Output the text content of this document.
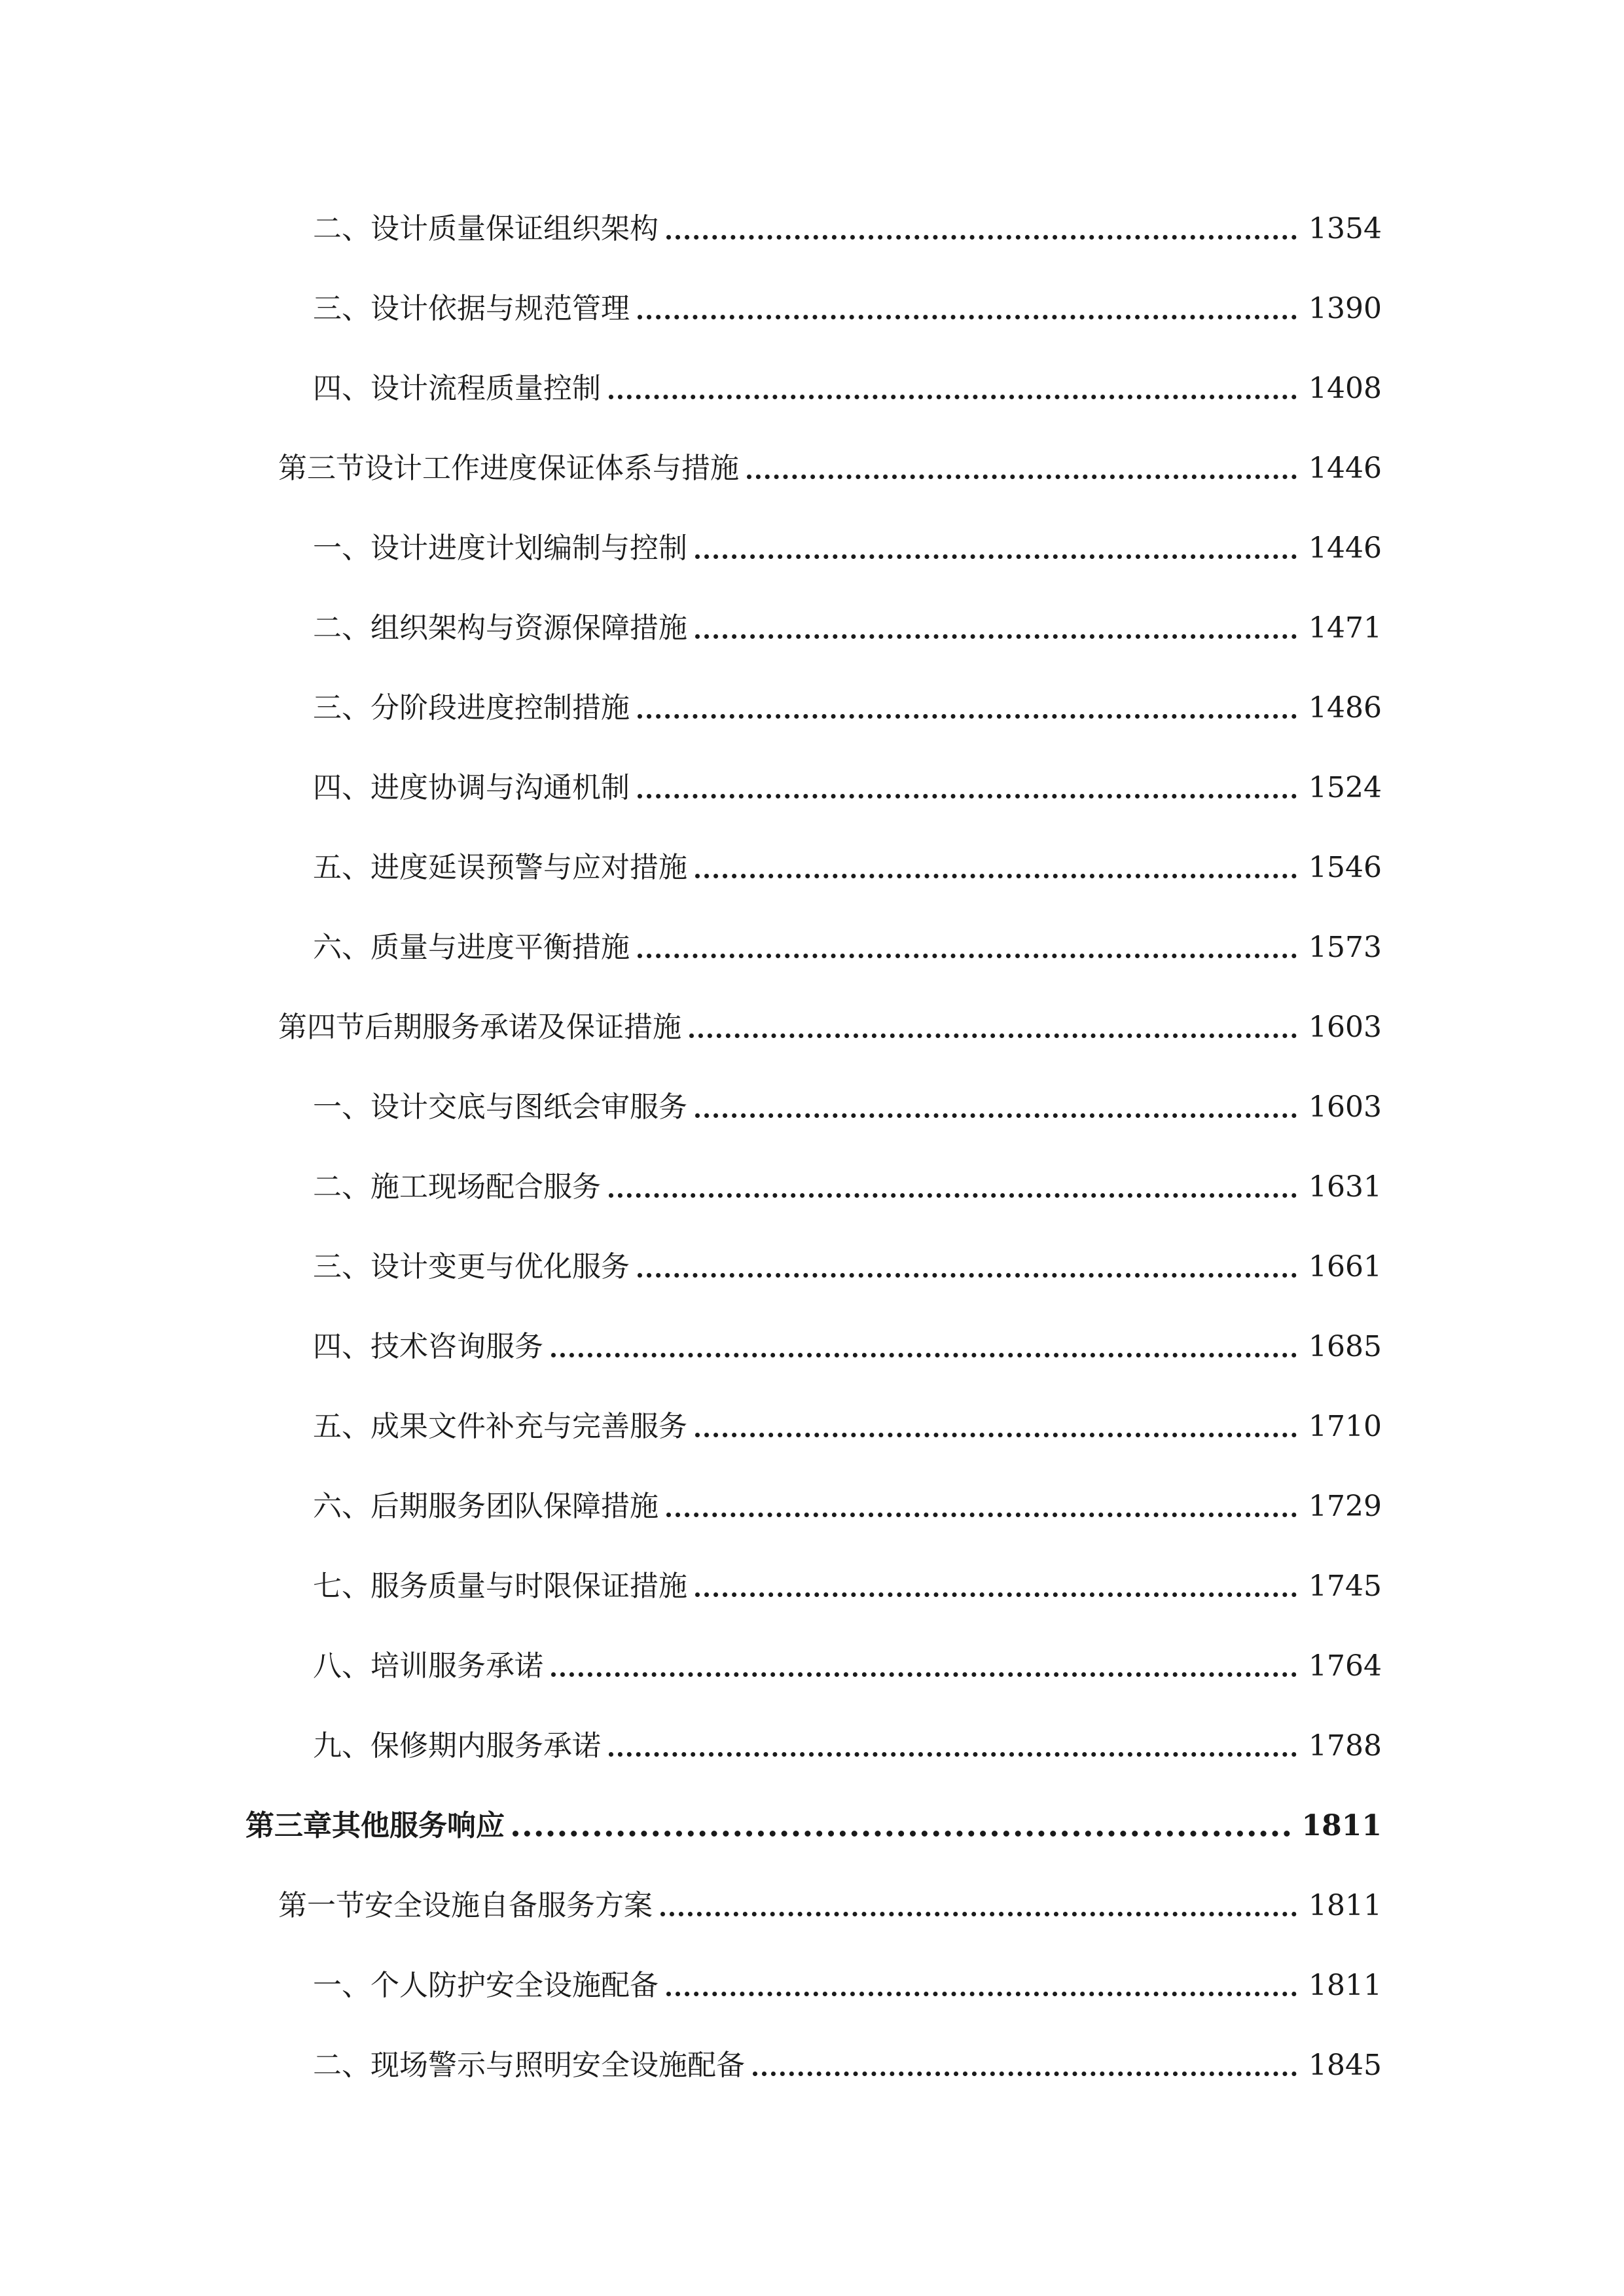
二、设计质量保证组织架构	1354
三、设计依据与规范管理	1390
四、设计流程质量控制	1408
第三节设计工作进度保证体系与措施	1446
一、设计进度计划编制与控制	1446
二、组织架构与资源保障措施	1471
三、分阶段进度控制措施	1486
四、进度协调与沟通机制	1524
五、进度延误预警与应对措施	1546
六、质量与进度平衡措施	1573
第四节后期服务承诺及保证措施	1603
一、设计交底与图纸会审服务	1603
二、施工现场配合服务	1631
三、设计变更与优化服务	1661
四、技术咨询服务	1685
五、成果文件补充与完善服务	1710
六、后期服务团队保障措施	1729
七、服务质量与时限保证措施	1745
八、培训服务承诺	1764
九、保修期内服务承诺	1788
第三章其他服务响应	1811
第一节安全设施自备服务方案	1811
一、个人防护安全设施配备	1811
二、现场警示与照明安全设施配备	1845
